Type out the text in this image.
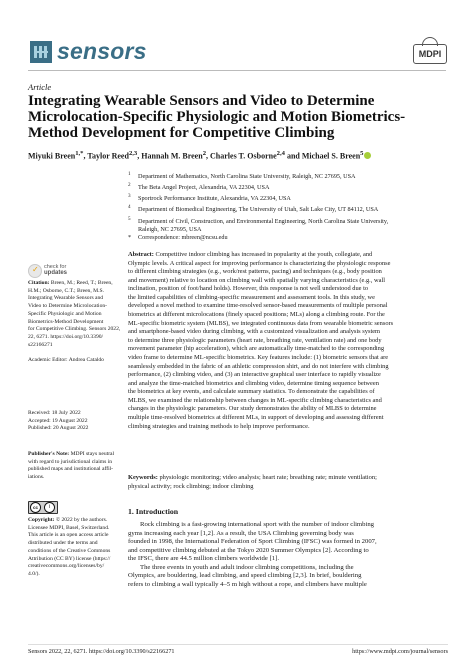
sensors	MDPI
Article
Integrating Wearable Sensors and Video to Determine Microlocation-Specific Physiologic and Motion Biometrics-Method Development for Competitive Climbing
Miyuki Breen$^{1,*}$, Taylor Reed$^{2,3}$, Hannah M. Breen$^2$, Charles T. Osborne$^{2,4}$ and Michael S. Breen$^5$
$^1$ Department of Mathematics, North Carolina State University, Raleigh, NC 27695, USA
$^2$ The Beta Angel Project, Alexandria, VA 22304, USA
$^3$ Sportrock Performance Institute, Alexandria, VA 22304, USA
$^4$ Department of Biomedical Engineering, The University of Utah, Salt Lake City, UT 84112, USA
$^5$ Department of Civil, Construction, and Environmental Engineering, North Carolina State University,
Raleigh, NC 27695, USA
* Correspondence: mbreen@ncsu.edu
Abstract: Competitive indoor climbing has increased in popularity at the youth, collegiate, and
Olympic levels. A critical aspect for improving performance is characterizing the physiologic response
to different climbing strategies (e.g., work/rest patterns, pacing) and techniques (e.g., body position
and movement) relative to location on climbing wall with spatially varying characteristics (e.g., wall
inclination, position of foot/hand holds). However, this response is not well understood due to
the limited capabilities of climbing-specific measurement and assessment tools. In this study, we
developed a novel method to examine time-resolved sensor-based measurements of multiple personal
biometrics at different microlocations (finely spaced positions; MLs) along a climbing route. For the
ML-specific biometric system (MLBS), we integrated continuous data from wearable biometric sensors
and smartphone-based video during climbing, with a customized visualization and analysis system
to determine three physiologic parameters (heart rate, breathing rate, ventilation rate) and one body
movement parameter (hip acceleration), which are automatically time-matched to the corresponding
video frame to determine ML-specific biometrics. Key features include: (1) biometric sensors that are
seamlessly embedded in the fabric of an athletic compression shirt, and do not interfere with climbing
performance, (2) climbing video, and (3) an interactive graphical user interface to rapidly visualize
and analyze the time-matched biometrics and climbing video, determine timing sequence between
the biometrics at key events, and calculate summary statistics. To demonstrate the capabilities of
MLBS, we examined the relationship between changes in ML-specific climbing characteristics and
changes in the physiologic parameters. Our study demonstrates the ability of MLBS to determine
multiple time-resolved biometrics at different MLs, in support of developing and assessing different
climbing strategies and training methods to help improve performance.
Keywords: physiologic monitoring; video analysis; heart rate; breathing rate; minute ventilation;
physical activity; rock climbing; indoor climbing
✓ check for
updates
Citation: Breen, M.; Reed, T.; Breen,
H.M.; Osborne, C.T.; Breen, M.S.
Integrating Wearable Sensors and
Video to Determine Microlocation-
Specific Physiologic and Motion
Biometrics-Method Development
for Competitive Climbing. Sensors 2022,
22, 6271. https://doi.org/10.3390/
s22166271
Academic Editor: Andrea Cataldo
Received: 18 July 2022
Accepted: 19 August 2022
Published: 20 August 2022
Publisher's Note: MDPI stays neutral
with regard to jurisdictional claims in
published maps and institutional affil-
iations.
cc	i
Copyright: © 2022 by the authors.
Licensee MDPI, Basel, Switzerland.
This article is an open access article
distributed under the terms and
conditions of the Creative Commons
Attribution (CC BY) license (https://
creativecommons.org/licenses/by/
4.0/).
1. Introduction

Rock climbing is a fast-growing international sport with the number of indoor climbing

gyms increasing each year [1,2]. As a result, the USA Climbing governing body was
founded in 1998, the International Federation of Sport Climbing (IFSC) was formed in 2007,
and competitive climbing debuted at the Tokyo 2020 Summer Olympics [2]. According to
the IFSC, there are 44.5 million climbers worldwide [1].

The three events in youth and adult indoor climbing competitions, including the

Olympics, are bouldering, lead climbing, and speed climbing [2,3]. In brief, bouldering
refers to climbing a wall typically 4–5 m high without a rope, and climbers have multiple
Sensors 2022, 22, 6271. https://doi.org/10.3390/s22166271	https://www.mdpi.com/journal/sensors
